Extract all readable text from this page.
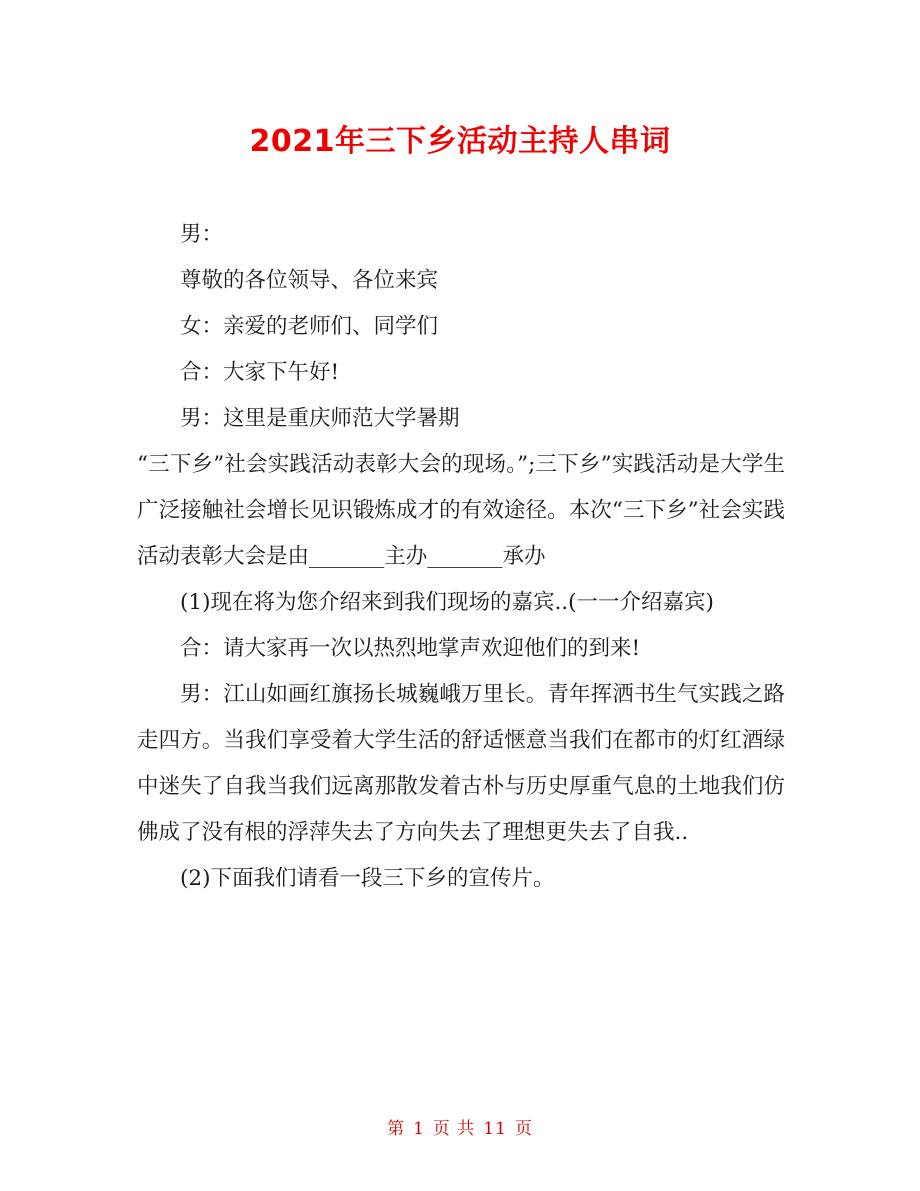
2021年三下乡活动主持人串词

男：

尊敬的各位领导、各位来宾

女：亲爱的老师们、同学们

合：大家下午好!

男：这里是重庆师范大学暑期

“三下乡”社会实践活动表彰大会的现场。”;三下乡”实践活动是大学生广泛接触社会增长见识锻炼成才的有效途径。本次“三下乡”社会实践活动表彰大会是由_______主办_______承办

(1)现在将为您介绍来到我们现场的嘉宾..(一一介绍嘉宾)

合：请大家再一次以热烈地掌声欢迎他们的到来!

男：江山如画红旗扬长城巍峨万里长。青年挥洒书生气实践之路走四方。当我们享受着大学生活的舒适惬意当我们在都市的灯红酒绿中迷失了自我当我们远离那散发着古朴与历史厚重气息的土地我们仿佛成了没有根的浮萍失去了方向失去了理想更失去了自我..

(2)下面我们请看一段三下乡的宣传片。

第 1 页 共 11 页
